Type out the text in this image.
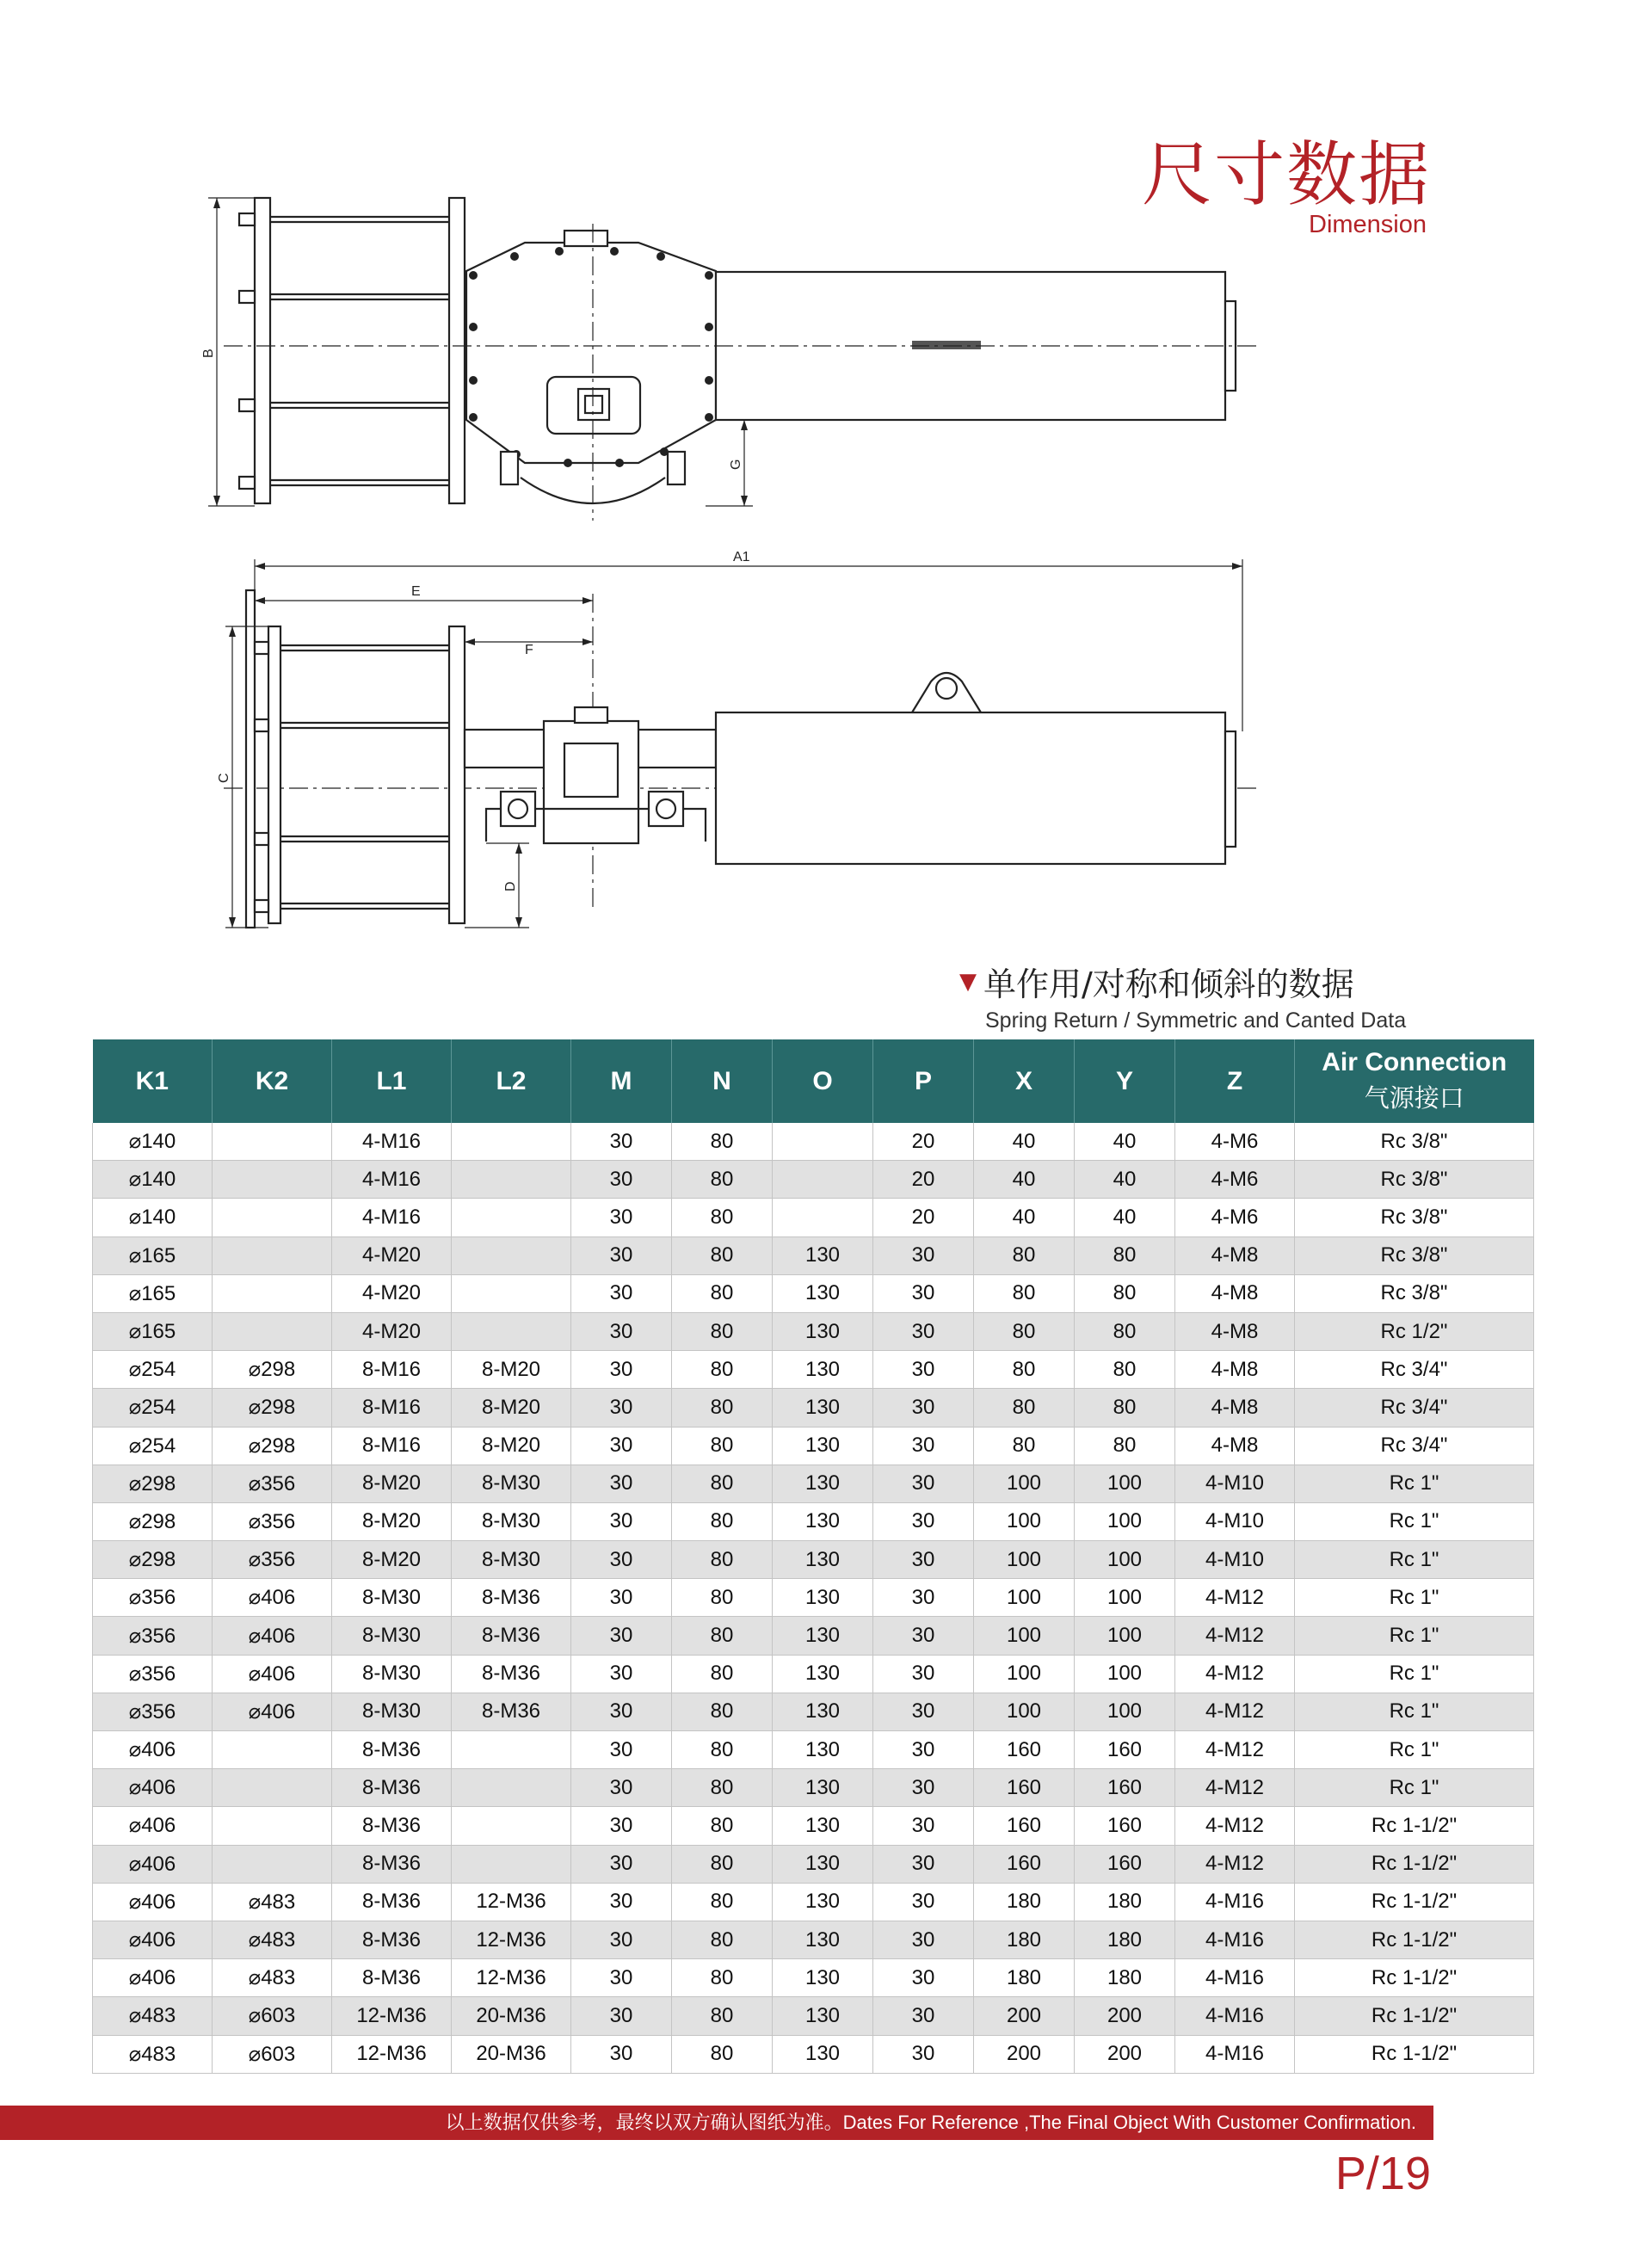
尺寸数据
Dimension
B
G
A1
E
F
C
D
▼ 单作用/对称和倾斜的数据
Spring Return / Symmetric and Canted Data
K1	K2	L1	L2	M	N	O	P	X	Y	Z	Air Connection
气源接口

⌀140		4-M16		30	80		20	40	40	4-M6	Rc 3/8"
⌀140		4-M16		30	80		20	40	40	4-M6	Rc 3/8"
⌀140		4-M16		30	80		20	40	40	4-M6	Rc 3/8"
⌀165		4-M20		30	80	130	30	80	80	4-M8	Rc 3/8"
⌀165		4-M20		30	80	130	30	80	80	4-M8	Rc 3/8"
⌀165		4-M20		30	80	130	30	80	80	4-M8	Rc 1/2"
⌀254	⌀298	8-M16	8-M20	30	80	130	30	80	80	4-M8	Rc 3/4"
⌀254	⌀298	8-M16	8-M20	30	80	130	30	80	80	4-M8	Rc 3/4"
⌀254	⌀298	8-M16	8-M20	30	80	130	30	80	80	4-M8	Rc 3/4"
⌀298	⌀356	8-M20	8-M30	30	80	130	30	100	100	4-M10	Rc 1"
⌀298	⌀356	8-M20	8-M30	30	80	130	30	100	100	4-M10	Rc 1"
⌀298	⌀356	8-M20	8-M30	30	80	130	30	100	100	4-M10	Rc 1"
⌀356	⌀406	8-M30	8-M36	30	80	130	30	100	100	4-M12	Rc 1"
⌀356	⌀406	8-M30	8-M36	30	80	130	30	100	100	4-M12	Rc 1"
⌀356	⌀406	8-M30	8-M36	30	80	130	30	100	100	4-M12	Rc 1"
⌀356	⌀406	8-M30	8-M36	30	80	130	30	100	100	4-M12	Rc 1"
⌀406		8-M36		30	80	130	30	160	160	4-M12	Rc 1"
⌀406		8-M36		30	80	130	30	160	160	4-M12	Rc 1"
⌀406		8-M36		30	80	130	30	160	160	4-M12	Rc 1-1/2"
⌀406		8-M36		30	80	130	30	160	160	4-M12	Rc 1-1/2"
⌀406	⌀483	8-M36	12-M36	30	80	130	30	180	180	4-M16	Rc 1-1/2"
⌀406	⌀483	8-M36	12-M36	30	80	130	30	180	180	4-M16	Rc 1-1/2"
⌀406	⌀483	8-M36	12-M36	30	80	130	30	180	180	4-M16	Rc 1-1/2"
⌀483	⌀603	12-M36	20-M36	30	80	130	30	200	200	4-M16	Rc 1-1/2"
⌀483	⌀603	12-M36	20-M36	30	80	130	30	200	200	4-M16	Rc 1-1/2"
以上数据仅供参考，最终以双方确认图纸为准。Dates For Reference ,The Final Object With Customer Confirmation.
P/19
